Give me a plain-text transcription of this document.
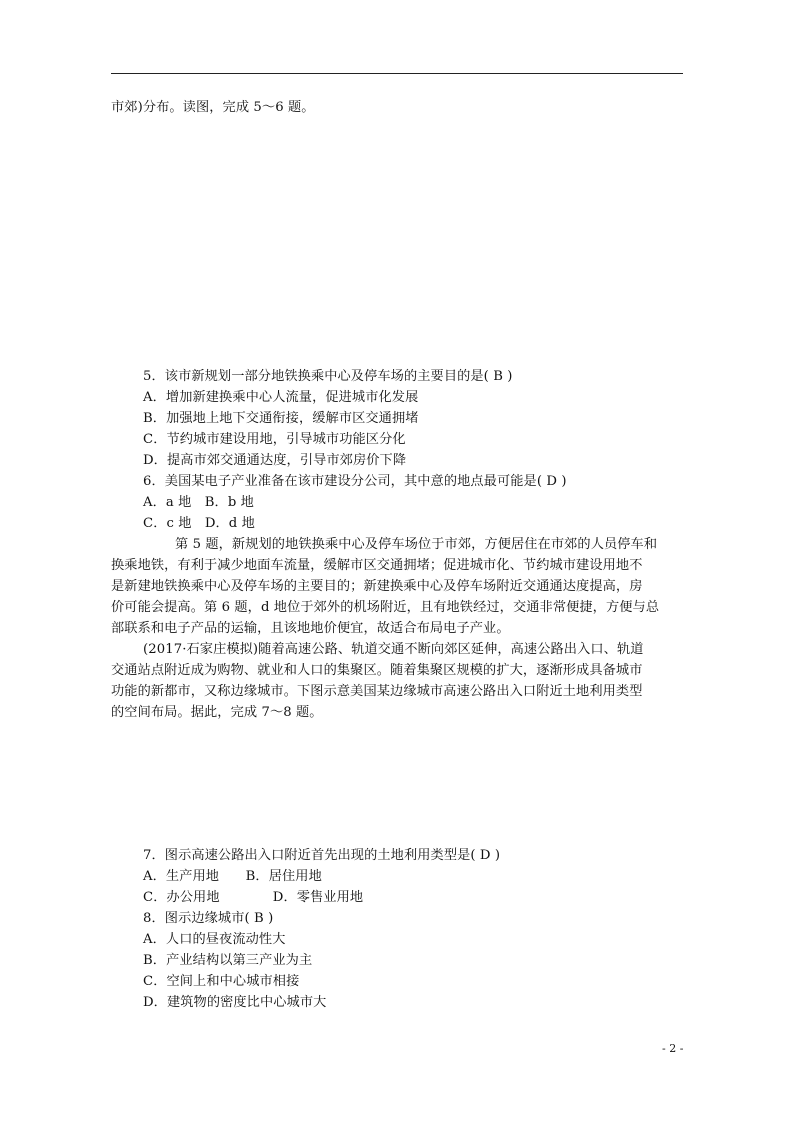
市郊)分布。读图，完成 5～6 题。
5．该市新规划一部分地铁换乘中心及停车场的主要目的是( B )
A．增加新建换乘中心人流量，促进城市化发展
B．加强地上地下交通衔接，缓解市区交通拥堵
C．节约城市建设用地，引导城市功能区分化
D．提高市郊交通通达度，引导市郊房价下降
6．美国某电子产业准备在该市建设分公司，其中意的地点最可能是( D )
A．a 地　B．b 地
C．c 地　D．d 地
第 5 题，新规划的地铁换乘中心及停车场位于市郊，方便居住在市郊的人员停车和
换乘地铁，有利于减少地面车流量，缓解市区交通拥堵；促进城市化、节约城市建设用地不
是新建地铁换乘中心及停车场的主要目的；新建换乘中心及停车场附近交通通达度提高，房
价可能会提高。第 6 题，d 地位于郊外的机场附近，且有地铁经过，交通非常便捷，方便与总
部联系和电子产品的运输，且该地地价便宜，故适合布局电子产业。
(2017·石家庄模拟)随着高速公路、轨道交通不断向郊区延伸，高速公路出入口、轨道
交通站点附近成为购物、就业和人口的集聚区。随着集聚区规模的扩大，逐渐形成具备城市
功能的新都市，又称边缘城市。下图示意美国某边缘城市高速公路出入口附近土地利用类型
的空间布局。据此，完成 7～8 题。
7．图示高速公路出入口附近首先出现的土地利用类型是( D )
A．生产用地　　B．居住用地
C．办公用地　　　　D．零售业用地
8．图示边缘城市( B )
A．人口的昼夜流动性大
B．产业结构以第三产业为主
C．空间上和中心城市相接
D．建筑物的密度比中心城市大
- 2 -
